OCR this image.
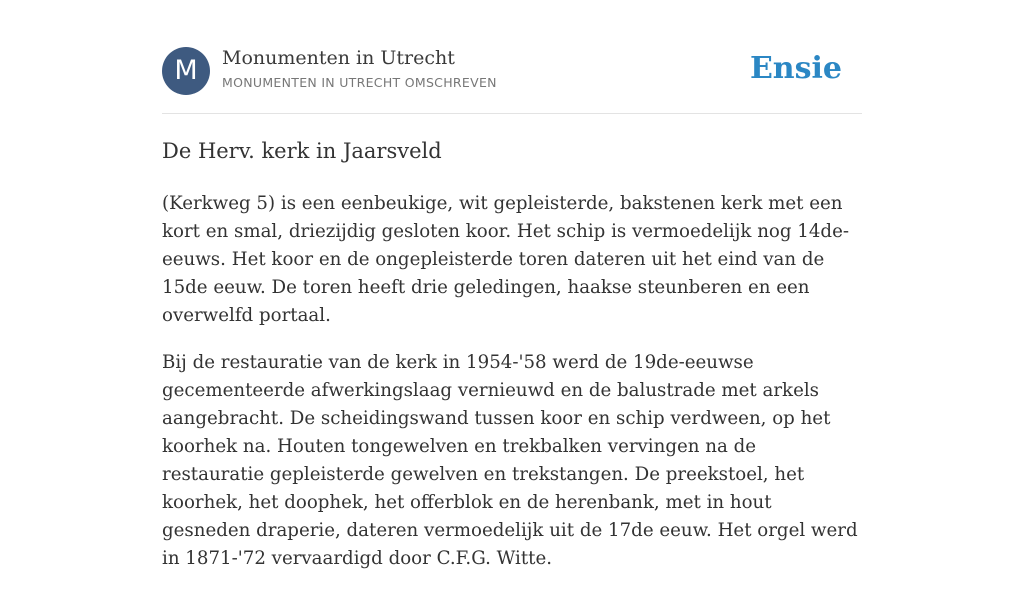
M	Monumenten in Utrecht
MONUMENTEN IN UTRECHT OMSCHREVEN	Ensie
De Herv. kerk in Jaarsveld

(Kerkweg 5) is een eenbeukige, wit gepleisterde, bakstenen kerk met een kort en smal, driezijdig gesloten koor. Het schip is vermoedelijk nog 14de-eeuws. Het koor en de ongepleisterde toren dateren uit het eind van de 15de eeuw. De toren heeft drie geledingen, haakse steunberen en een overwelfd portaal.

Bij de restauratie van de kerk in 1954-'58 werd de 19de-eeuwse gecementeerde afwerkingslaag vernieuwd en de balustrade met arkels aangebracht. De scheidingswand tussen koor en schip verdween, op het koorhek na. Houten tongewelven en trekbalken vervingen na de restauratie gepleisterde gewelven en trekstangen. De preekstoel, het koorhek, het doophek, het offerblok en de herenbank, met in hout gesneden draperie, dateren vermoedelijk uit de 17de eeuw. Het orgel werd in 1871-'72 vervaardigd door C.F.G. Witte.
